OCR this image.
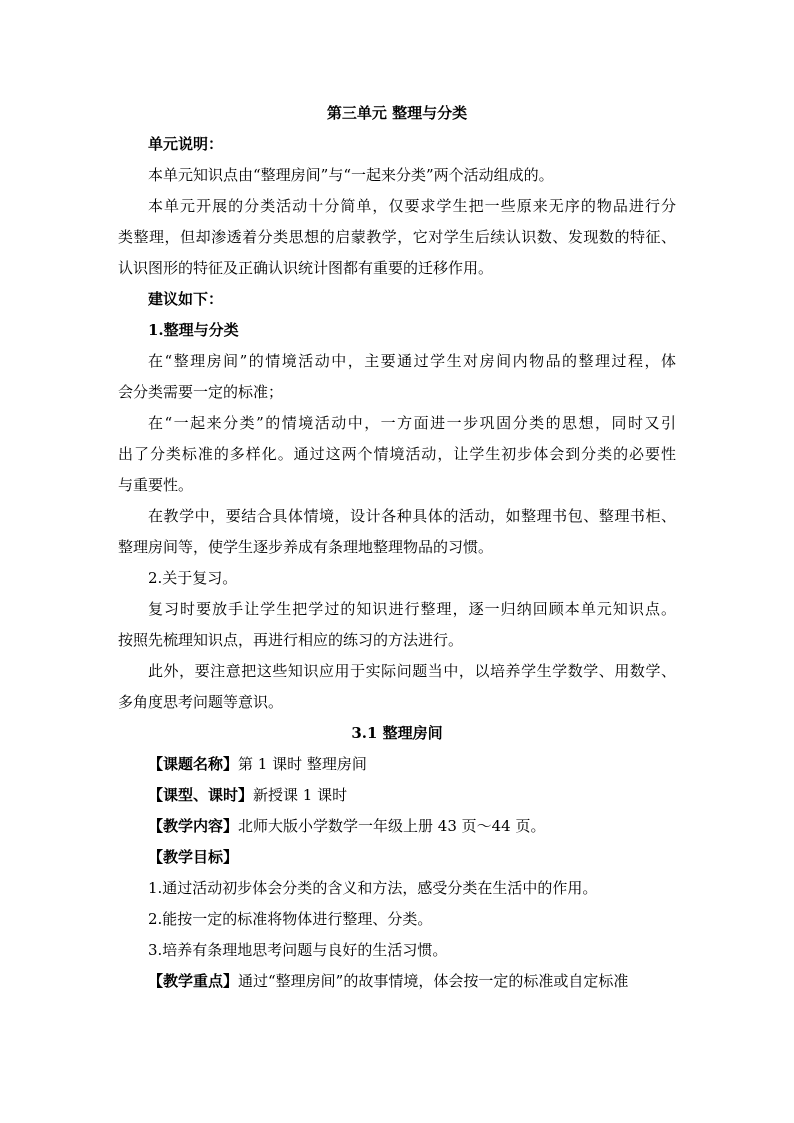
第三单元 整理与分类

单元说明：

本单元知识点由“整理房间”与“一起来分类”两个活动组成的。

本单元开展的分类活动十分简单，仅要求学生把一些原来无序的物品进行分

类整理，但却渗透着分类思想的启蒙教学，它对学生后续认识数、发现数的特征、

认识图形的特征及正确认识统计图都有重要的迁移作用。

建议如下：

1.整理与分类

在“整理房间”的情境活动中，主要通过学生对房间内物品的整理过程，体

会分类需要一定的标准；

在“一起来分类”的情境活动中，一方面进一步巩固分类的思想，同时又引

出了分类标准的多样化。通过这两个情境活动，让学生初步体会到分类的必要性

与重要性。

在教学中，要结合具体情境，设计各种具体的活动，如整理书包、整理书柜、

整理房间等，使学生逐步养成有条理地整理物品的习惯。

2.关于复习。

复习时要放手让学生把学过的知识进行整理，逐一归纳回顾本单元知识点。

按照先梳理知识点，再进行相应的练习的方法进行。

此外，要注意把这些知识应用于实际问题当中，以培养学生学数学、用数学、

多角度思考问题等意识。

3.1 整理房间

【课题名称】第 1 课时 整理房间

【课型、课时】新授课 1 课时

【教学内容】北师大版小学数学一年级上册 43 页～44 页。

【教学目标】

1.通过活动初步体会分类的含义和方法，感受分类在生活中的作用。

2.能按一定的标准将物体进行整理、分类。

3.培养有条理地思考问题与良好的生活习惯。

【教学重点】通过“整理房间”的故事情境，体会按一定的标准或自定标准
